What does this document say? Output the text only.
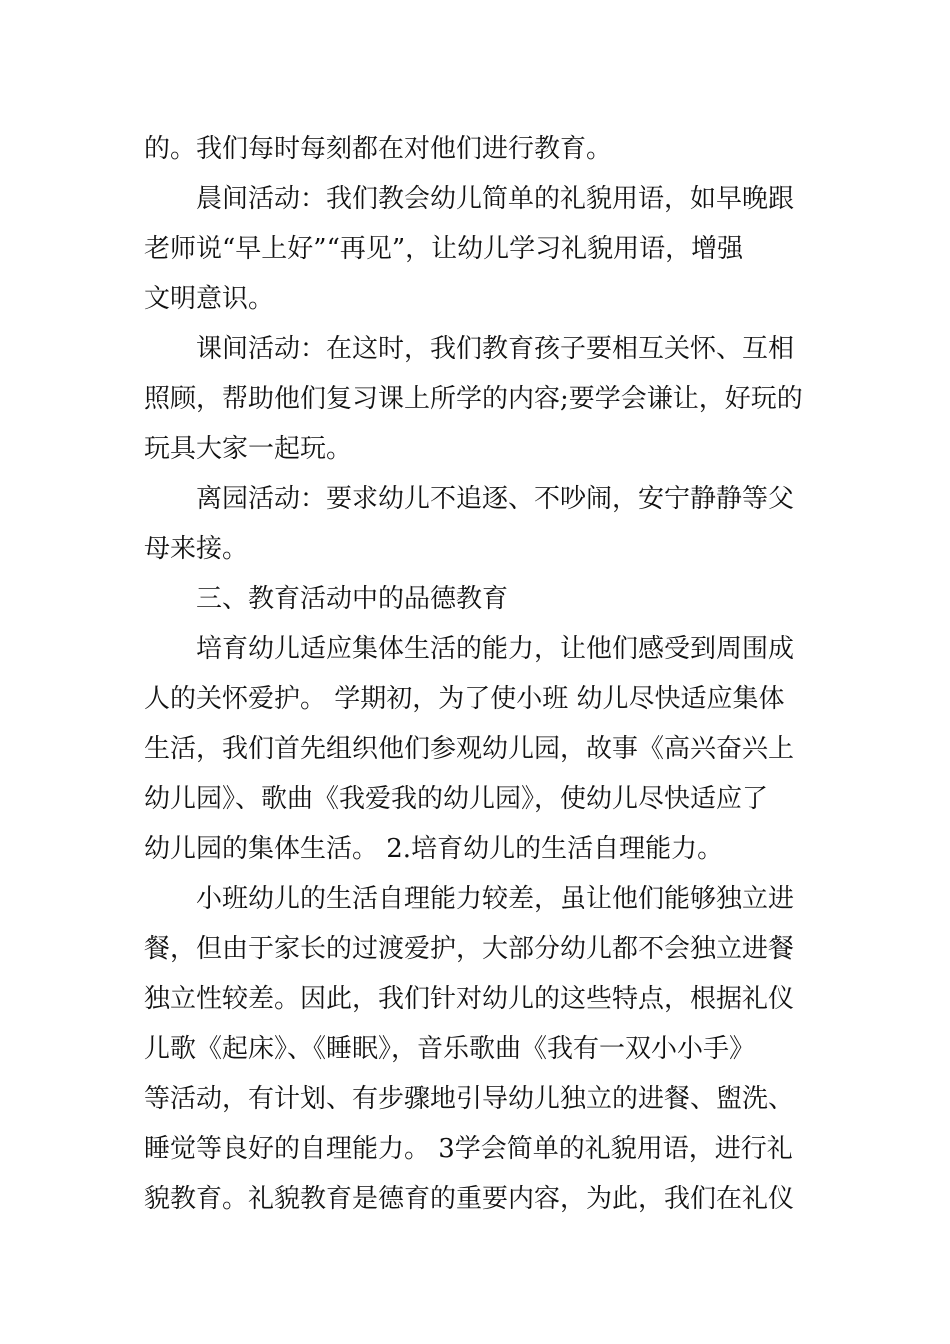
的。我们每时每刻都在对他们进行教育。
晨间活动：我们教会幼儿简单的礼貌用语，如早晚跟
老师说“早上好”“再见”，让幼儿学习礼貌用语，增强
文明意识。
课间活动：在这时，我们教育孩子要相互关怀、互相
照顾，帮助他们复习课上所学的内容;要学会谦让，好玩的
玩具大家一起玩。
离园活动：要求幼儿不追逐、不吵闹，安宁静静等父
母来接。
三、教育活动中的品德教育
培育幼儿适应集体生活的能力，让他们感受到周围成
人的关怀爱护。 学期初，为了使小班 幼儿尽快适应集体
生活，我们首先组织他们参观幼儿园，故事《高兴奋兴上
幼儿园》、歌曲《我爱我的幼儿园》，使幼儿尽快适应了
幼儿园的集体生活。 2.培育幼儿的生活自理能力。
小班幼儿的生活自理能力较差，虽让他们能够独立进
餐，但由于家长的过渡爱护，大部分幼儿都不会独立进餐
独立性较差。因此，我们针对幼儿的这些特点，根据礼仪
儿歌《起床》、《睡眠》，音乐歌曲《我有一双小小手》
等活动，有计划、有步骤地引导幼儿独立的进餐、盥洗、
睡觉等良好的自理能力。 3学会简单的礼貌用语，进行礼
貌教育。礼貌教育是德育的重要内容，为此，我们在礼仪
